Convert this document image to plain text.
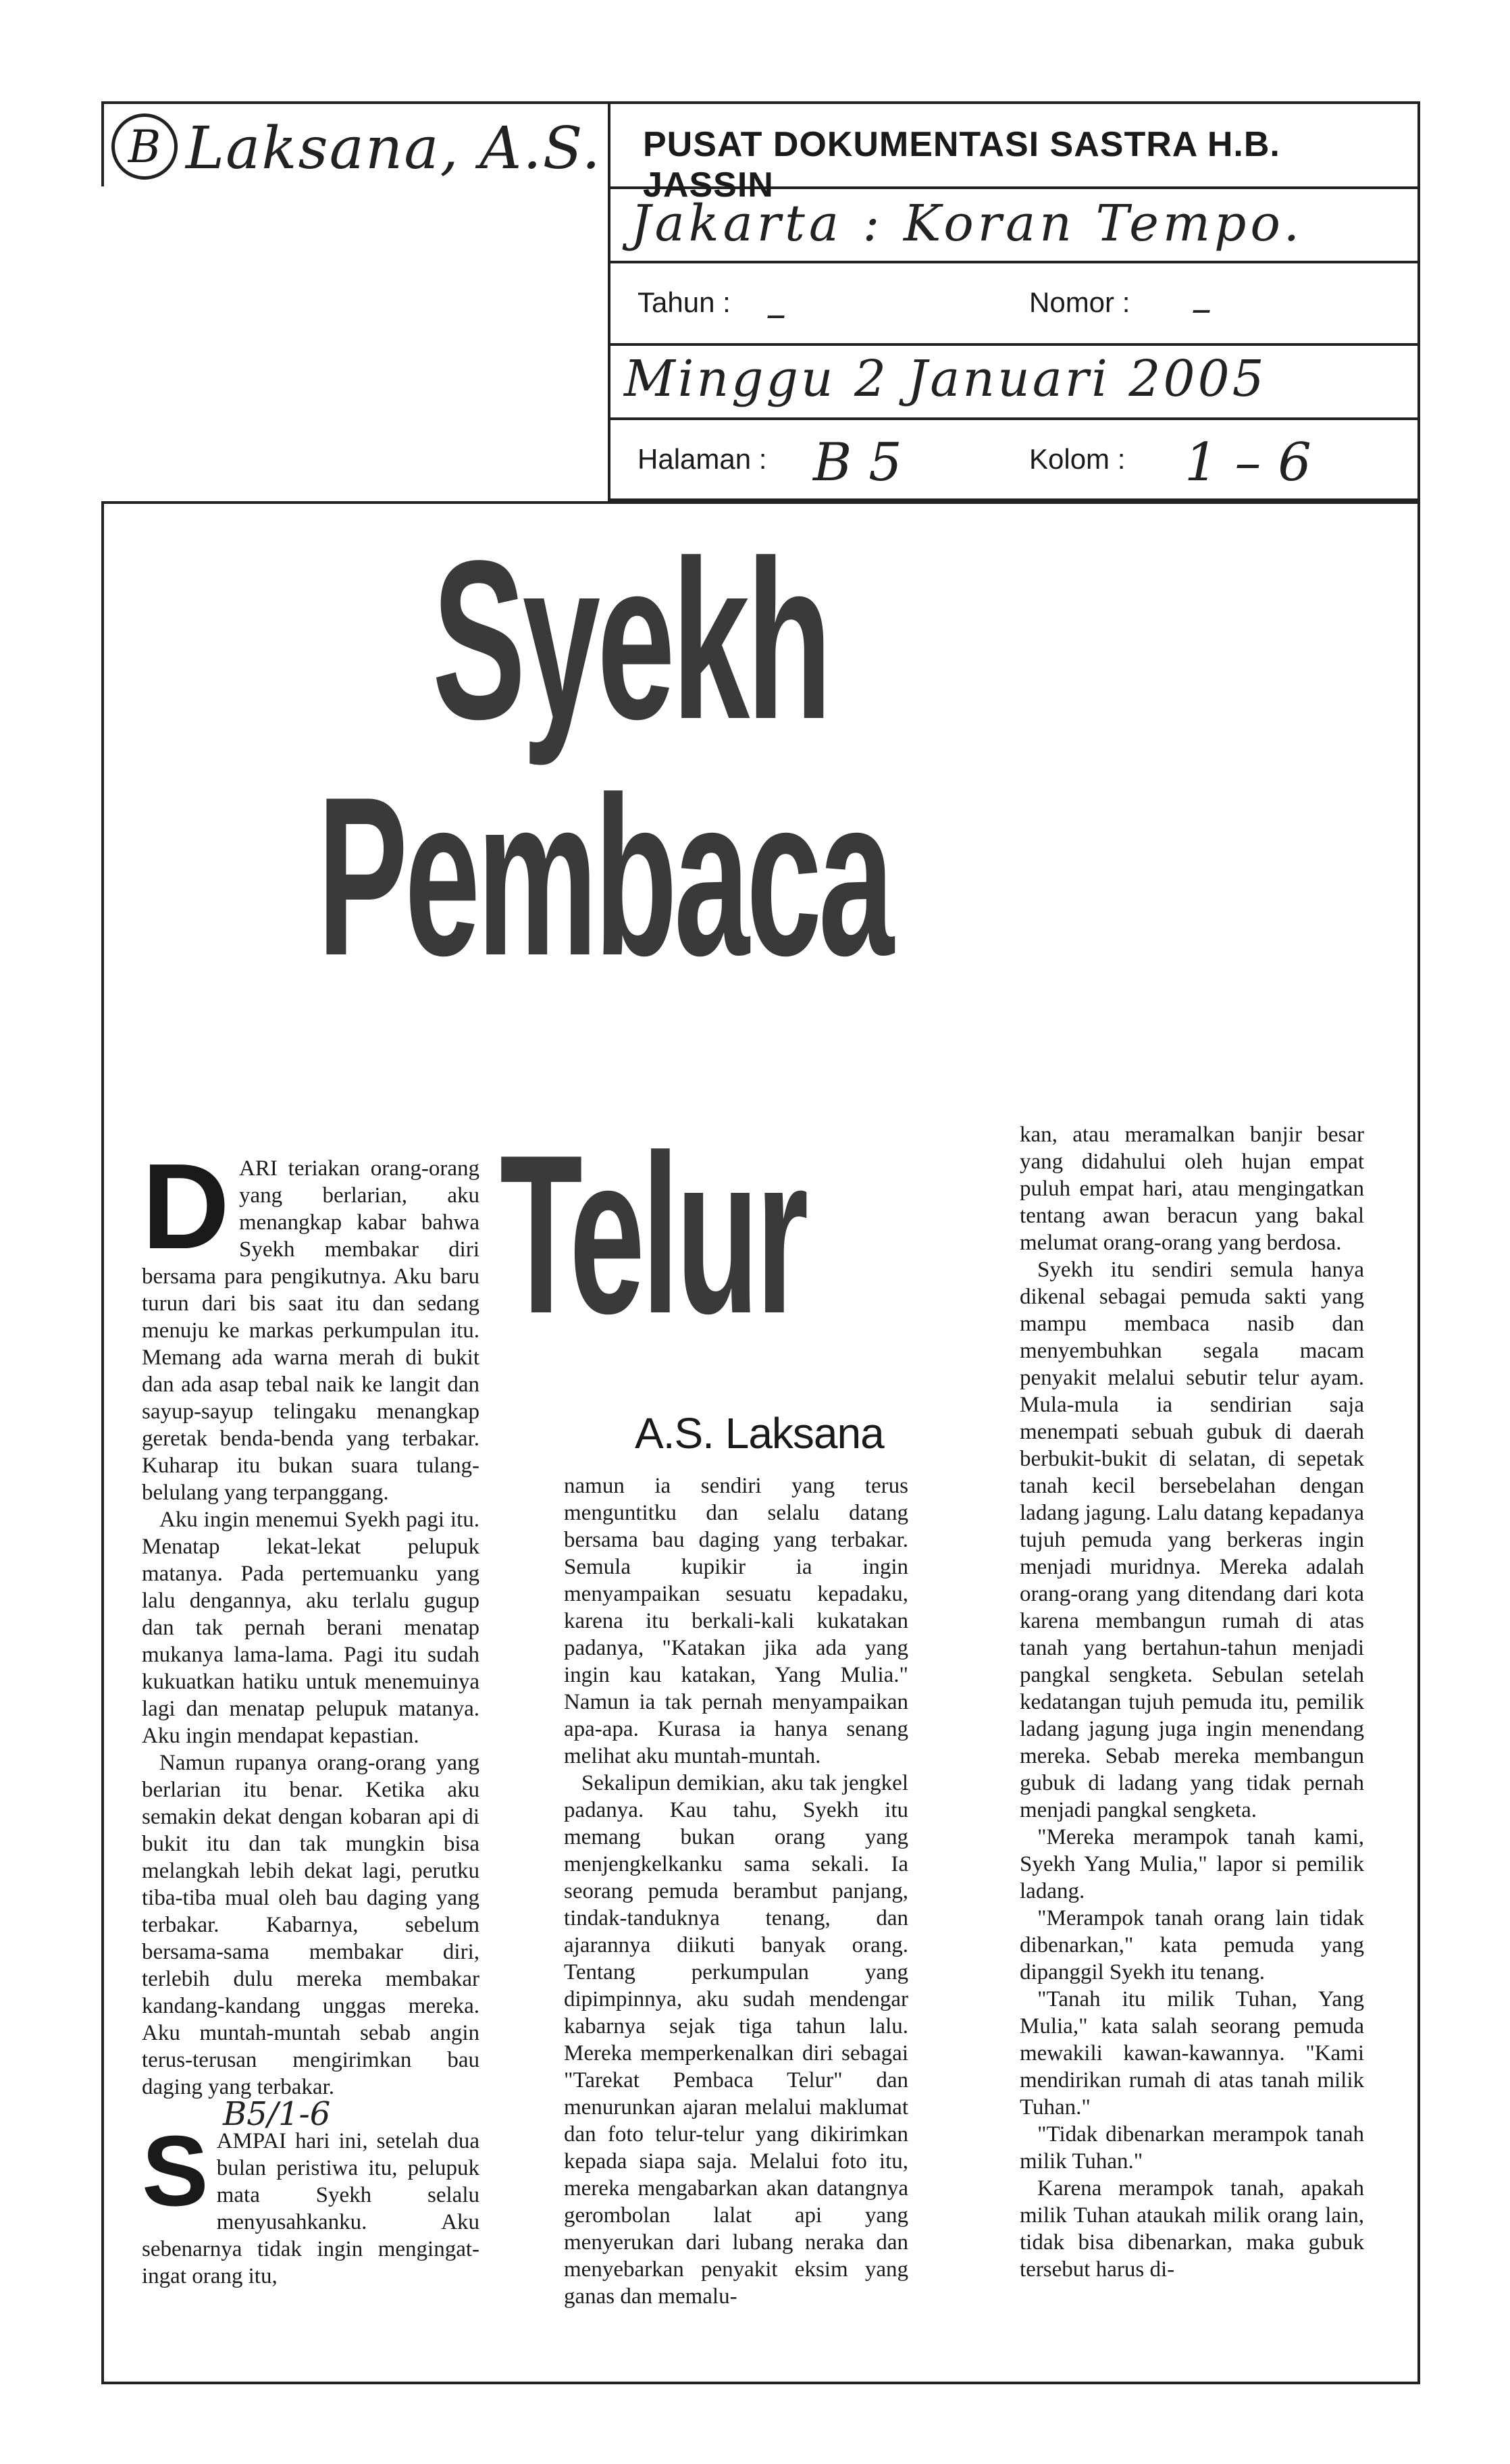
B Laksana, A.S. PUSAT DOKUMENTASI SASTRA H.B. JASSIN
Jakarta : Koran Tempo.
Tahun : –	Nomor : –
Minggu 2 Januari 2005
Halaman : B 5	Kolom : 1 – 6
Syekh
Pembaca
Telur
A.S. Laksana
D ARI teriakan orang-orang yang berlarian, aku menangkap kabar bahwa Syekh membakar diri bersama para pengikutnya. Aku baru turun dari bis saat itu dan sedang menuju ke markas perkumpulan itu. Memang ada warna merah di bukit dan ada asap tebal naik ke langit dan sayup-sayup telingaku menangkap geretak benda-benda yang terbakar. Kuharap itu bukan suara tulang-belulang yang terpanggang.

Aku ingin menemui Syekh pagi itu. Menatap lekat-lekat pelupuk matanya. Pada pertemuanku yang lalu dengannya, aku terlalu gugup dan tak pernah berani menatap mukanya lama-lama. Pagi itu sudah kukuatkan hatiku untuk menemuinya lagi dan menatap pelupuk matanya. Aku ingin mendapat kepastian.

Namun rupanya orang-orang yang berlarian itu benar. Ketika aku semakin dekat dengan kobaran api di bukit itu dan tak mungkin bisa melangkah lebih dekat lagi, perutku tiba-tiba mual oleh bau daging yang terbakar. Kabarnya, sebelum bersama-sama membakar diri, terlebih dulu mereka membakar kandang-kandang unggas mereka. Aku muntah-muntah sebab angin terus-terusan mengirimkan bau daging yang terbakar.

B5/1-6
S AMPAI hari ini, setelah dua bulan peristiwa itu, pelupuk mata Syekh selalu menyusahkanku. Aku sebenarnya tidak ingin mengingat-ingat orang itu,

namun ia sendiri yang terus menguntitku dan selalu datang bersama bau daging yang terbakar. Semula kupikir ia ingin menyampaikan sesuatu kepadaku, karena itu berkali-kali kukatakan padanya, "Katakan jika ada yang ingin kau katakan, Yang Mulia." Namun ia tak pernah menyampaikan apa-apa. Kurasa ia hanya senang melihat aku muntah-muntah.

Sekalipun demikian, aku tak jengkel padanya. Kau tahu, Syekh itu memang bukan orang yang menjengkelkanku sama sekali. Ia seorang pemuda berambut panjang, tindak-tanduknya tenang, dan ajarannya diikuti banyak orang. Tentang perkumpulan yang dipimpinnya, aku sudah mendengar kabarnya sejak tiga tahun lalu. Mereka memperkenalkan diri sebagai "Tarekat Pembaca Telur" dan menurunkan ajaran melalui maklumat dan foto telur-telur yang dikirimkan kepada siapa saja. Melalui foto itu, mereka mengabarkan akan datangnya gerombolan lalat api yang menyerukan dari lubang neraka dan menyebarkan penyakit eksim yang ganas dan memalu-

kan, atau meramalkan banjir besar yang didahului oleh hujan empat puluh empat hari, atau mengingatkan tentang awan beracun yang bakal melumat orang-orang yang berdosa.

Syekh itu sendiri semula hanya dikenal sebagai pemuda sakti yang mampu membaca nasib dan menyembuhkan segala macam penyakit melalui sebutir telur ayam. Mula-mula ia sendirian saja menempati sebuah gubuk di daerah berbukit-bukit di selatan, di sepetak tanah kecil bersebelahan dengan ladang jagung. Lalu datang kepadanya tujuh pemuda yang berkeras ingin menjadi muridnya. Mereka adalah orang-orang yang ditendang dari kota karena membangun rumah di atas tanah yang bertahun-tahun menjadi pangkal sengketa. Sebulan setelah kedatangan tujuh pemuda itu, pemilik ladang jagung juga ingin menendang mereka. Sebab mereka membangun gubuk di ladang yang tidak pernah menjadi pangkal sengketa.

"Mereka merampok tanah kami, Syekh Yang Mulia," lapor si pemilik ladang.

"Merampok tanah orang lain tidak dibenarkan," kata pemuda yang dipanggil Syekh itu tenang.

"Tanah itu milik Tuhan, Yang Mulia," kata salah seorang pemuda mewakili kawan-kawannya. "Kami mendirikan rumah di atas tanah milik Tuhan."

"Tidak dibenarkan merampok tanah milik Tuhan."

Karena merampok tanah, apakah milik Tuhan ataukah milik orang lain, tidak bisa dibenarkan, maka gubuk tersebut harus di-
